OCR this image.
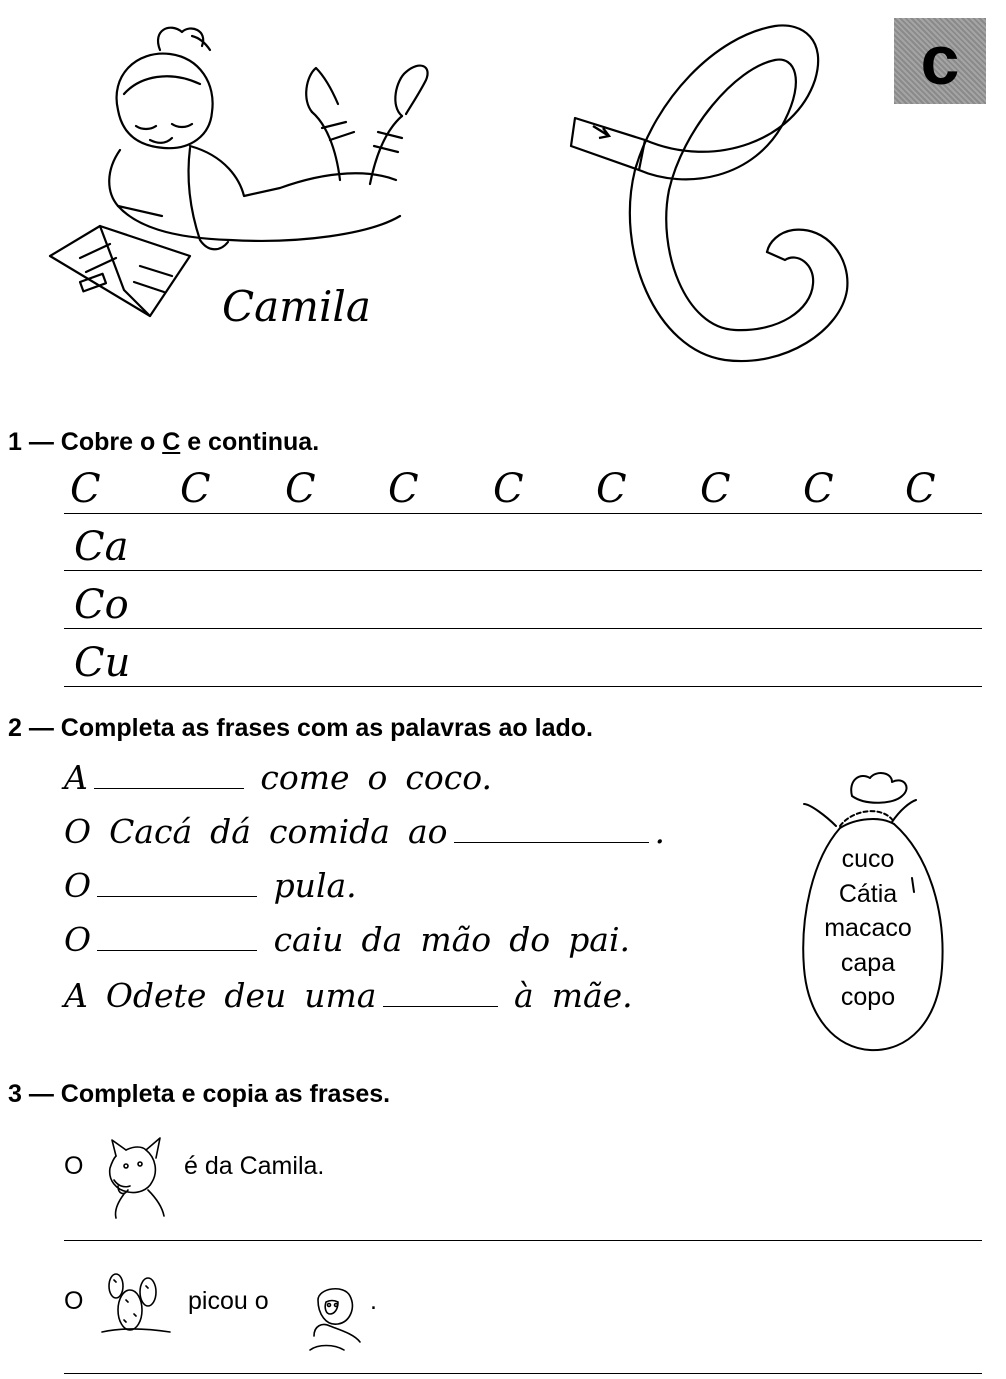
Camila
c
1 — Cobre o C e continua.
C C C C C C C C C
Ca
Co
Cu
2 — Completa as frases com as palavras ao lado.
A	come o coco.
O Cacá dá comida ao	.
O	pula.
O	caiu da mão do pai.
A Odete deu uma	à mãe.
cuco
Cátia
macaco
capa
copo
3 — Completa e copia as frases.
O	é da Camila.
O	picou o	.
